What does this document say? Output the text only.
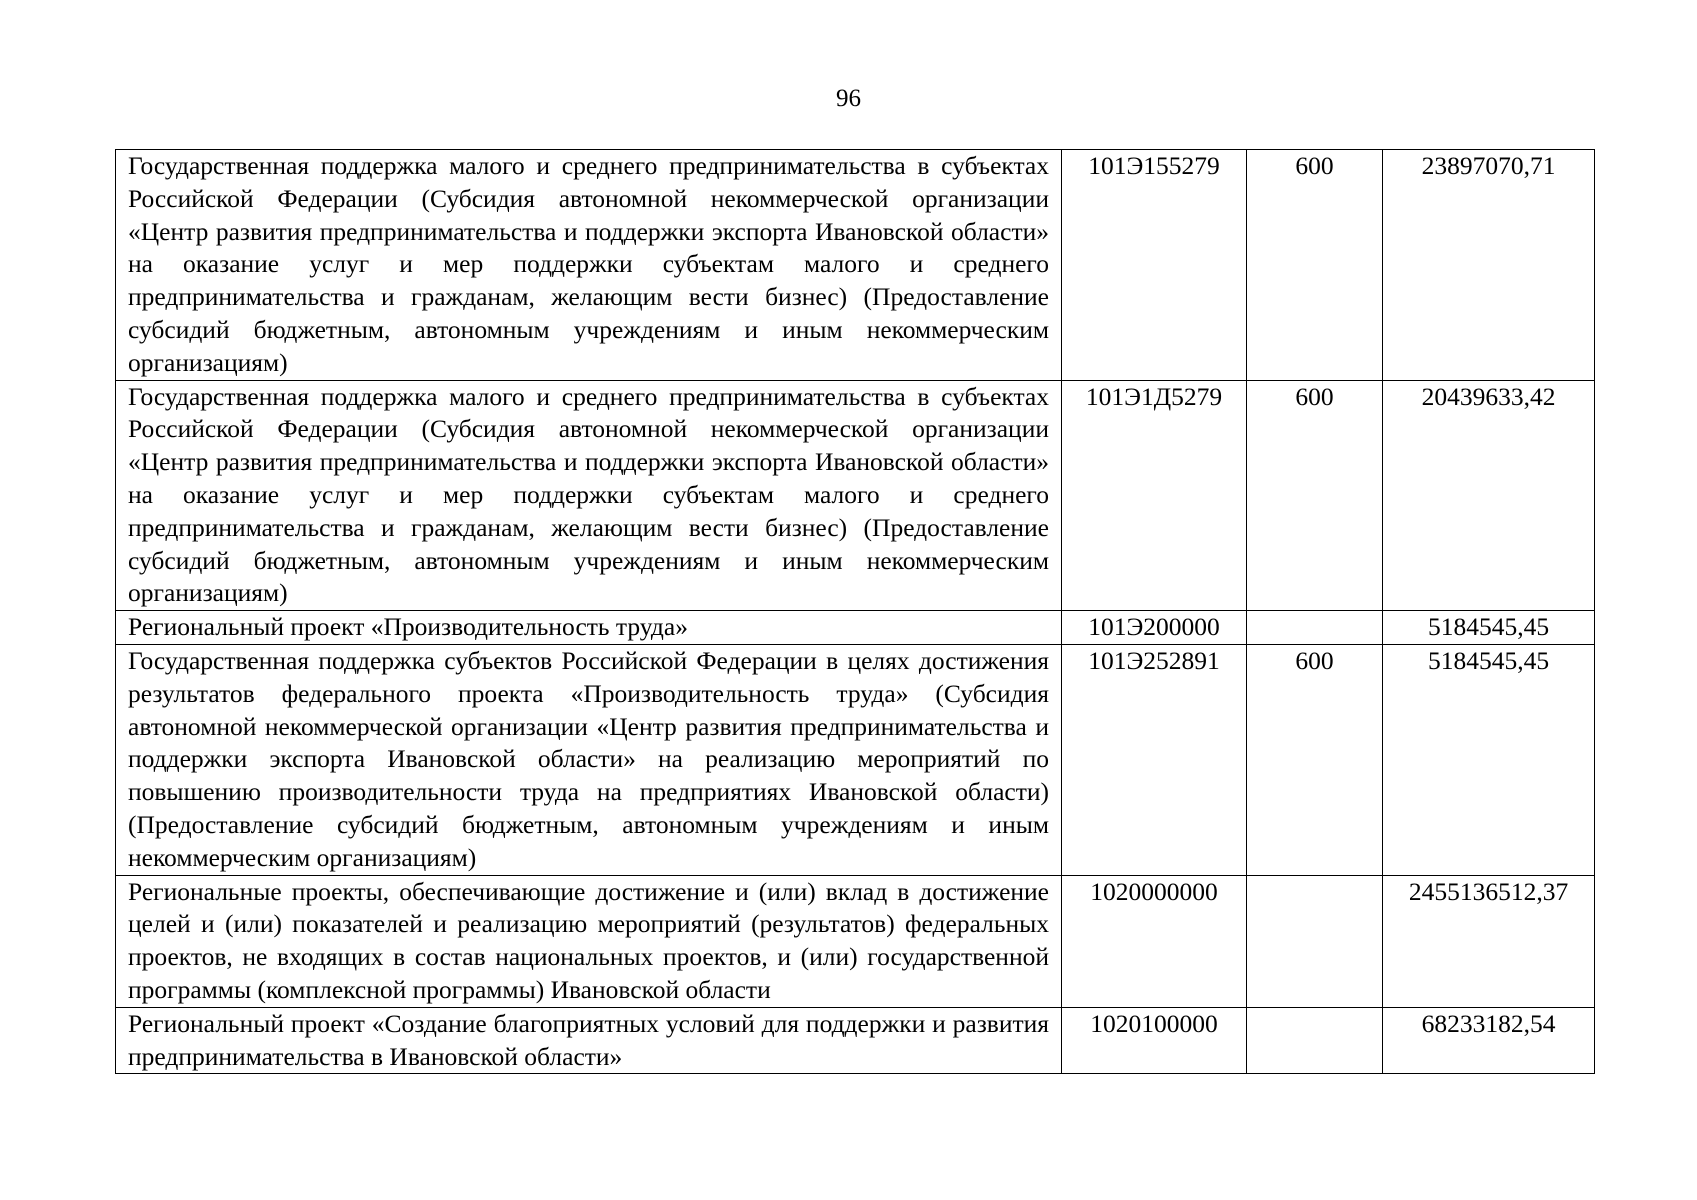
96
Государственная поддержка малого и среднего предпринимательства в субъектах Российской Федерации (Субсидия автономной некоммерческой организации «Центр развития предпринимательства и поддержки экспорта Ивановской области» на оказание услуг и мер поддержки субъектам малого и среднего предпринимательства и гражданам, желающим вести бизнес) (Предоставление субсидий бюджетным, автономным учреждениям и иным некоммерческим организациям)	101Э155279	600	23897070,71
Государственная поддержка малого и среднего предпринимательства в субъектах Российской Федерации (Субсидия автономной некоммерческой организации «Центр развития предпринимательства и поддержки экспорта Ивановской области» на оказание услуг и мер поддержки субъектам малого и среднего предпринимательства и гражданам, желающим вести бизнес) (Предоставление субсидий бюджетным, автономным учреждениям и иным некоммерческим организациям)	101Э1Д5279	600	20439633,42
Региональный проект «Производительность труда»	101Э200000		5184545,45
Государственная поддержка субъектов Российской Федерации в целях достижения результатов федерального проекта «Производительность труда» (Субсидия автономной некоммерческой организации «Центр развития предпринимательства и поддержки экспорта Ивановской области» на реализацию мероприятий по повышению производительности труда на предприятиях Ивановской области) (Предоставление субсидий бюджетным, автономным учреждениям и иным некоммерческим организациям)	101Э252891	600	5184545,45
Региональные проекты, обеспечивающие достижение и (или) вклад в достижение целей и (или) показателей и реализацию мероприятий (результатов) федеральных проектов, не входящих в состав национальных проектов, и (или) государственной программы (комплексной программы) Ивановской области	1020000000		2455136512,37
Региональный проект «Создание благоприятных условий для поддержки и развития предпринимательства в Ивановской области»	1020100000		68233182,54
